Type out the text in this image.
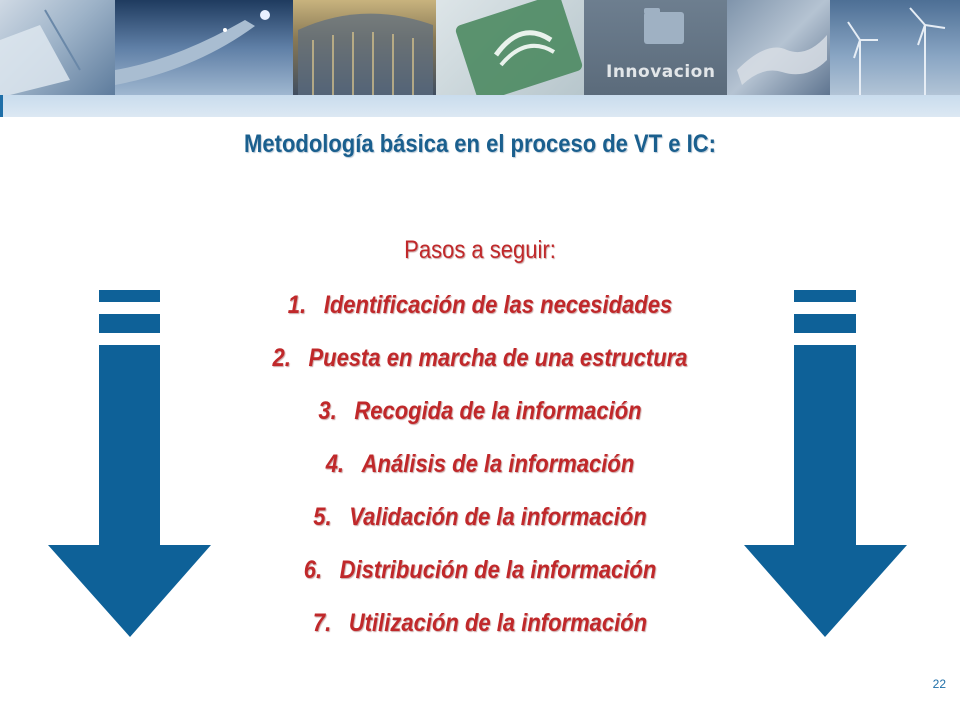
Innovacion
Metodología básica en el proceso de VT e IC:
Pasos a seguir:
1. Identificación de las necesidades
2. Puesta en marcha de una estructura
3. Recogida de la información
4. Análisis de la información
5. Validación de la información
6. Distribución de la información
7. Utilización de la información
22
